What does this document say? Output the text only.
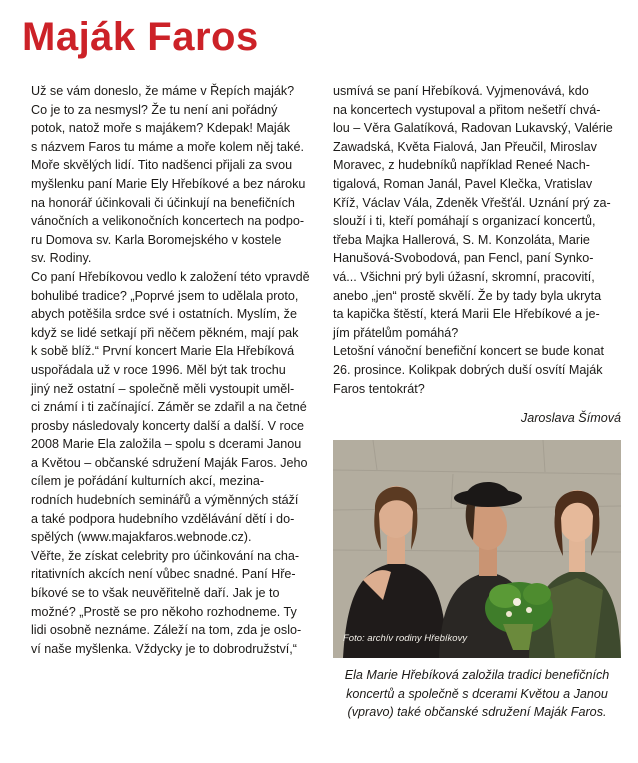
Maják Faros
Už se vám doneslo, že máme v Řepích maják?
Co je to za nesmysl? Že tu není ani pořádný
potok, natož moře s majákem? Kdepak! Maják
s názvem Faros tu máme a moře kolem něj také.
Moře skvělých lidí. Tito nadšenci přijali za svou
myšlenku paní Marie Ely Hřebíkové a bez nároku
na honorář účinkovali či účinkují na benefičních
vánočních a velikonočních koncertech na podpo-
ru Domova sv. Karla Boromejského v kostele
sv. Rodiny.
Co paní Hřebíkovou vedlo k založení této vpravdě
bohulibé tradice? „Poprvé jsem to udělala proto,
abych potěšila srdce své i ostatních. Myslím, že
když se lidé setkají při něčem pěkném, mají pak
k sobě blíž.“ První koncert Marie Ela Hřebíková
uspořádala už v roce 1996. Měl být tak trochu
jiný než ostatní – společně měli vystoupit uměl-
ci známí i ti začínající. Záměr se zdařil a na četné
prosby následovaly koncerty další a další. V roce
2008 Marie Ela založila – spolu s dcerami Janou
a Květou – občanské sdružení Maják Faros. Jeho
cílem je pořádání kulturních akcí, mezina-
rodních hudebních seminářů a výměnných stáží
a také podpora hudebního vzdělávání dětí i do-
spělých (www.majakfaros.webnode.cz).
Věřte, že získat celebrity pro účinkování na cha-
ritativních akcích není vůbec snadné. Paní Hře-
bíkové se to však neuvěřitelně daří. Jak je to
možné? „Prostě se pro někoho rozhodneme. Ty
lidi osobně neznáme. Záleží na tom, zda je oslo-
ví naše myšlenka. Vždycky je to dobrodružství,“
usmívá se paní Hřebíková. Vyjmenovává, kdo
na koncertech vystupoval a přitom nešetří chvá-
lou – Věra Galatíková, Radovan Lukavský, Valérie
Zawadská, Květa Fialová, Jan Přeučil, Miroslav
Moravec, z hudebníků například Reneé Nach-
tigalová, Roman Janál, Pavel Klečka, Vratislav
Kříž, Václav Vála, Zdeněk Vřešťál. Uznání prý za-
slouží i ti, kteří pomáhají s organizací koncertů,
třeba Majka Hallerová, S. M. Konzoláta, Marie
Hanušová-Svobodová, pan Fencl, paní Synko-
vá... Všichni prý byli úžasní, skromní, pracovití,
anebo „jen“ prostě skvělí. Že by tady byla ukryta
ta kapička štěstí, která Marii Ele Hřebíkové a je-
jím přátelům pomáhá?
Letošní vánoční benefiční koncert se bude konat
26. prosince. Kolikpak dobrých duší osvítí Maják
Faros tentokrát?
Jaroslava Šímová
Foto: archív rodiny Hřebíkovy
Ela Marie Hřebíková založila tradici benefičních
koncertů a společně s dcerami Květou a Janou
(vpravo) také občanské sdružení Maják Faros.
